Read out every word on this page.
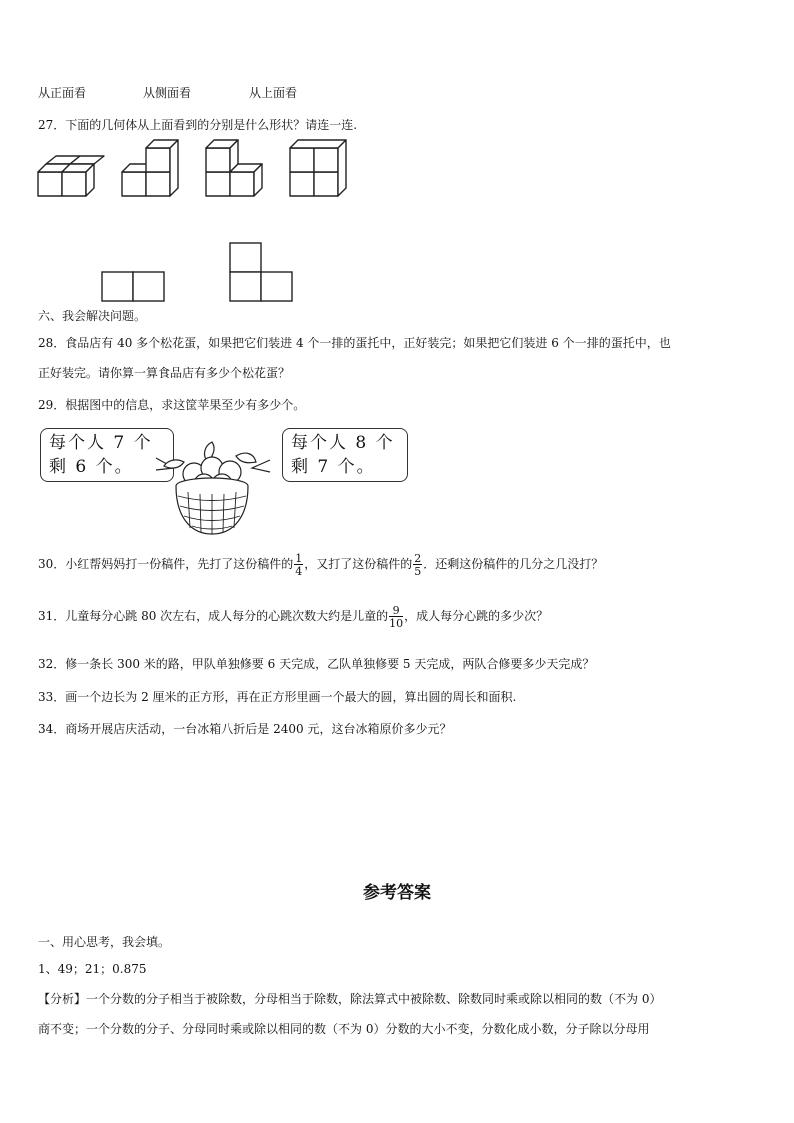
从正面看	从侧面看	从上面看
27．下面的几何体从上面看到的分别是什么形状？请连一连.
六、我会解决问题。
28．食品店有 40 多个松花蛋，如果把它们装进 4 个一排的蛋托中，正好装完；如果把它们装进 6 个一排的蛋托中，也
正好装完。请你算一算食品店有多少个松花蛋？
29．根据图中的信息，求这筐苹果至少有多少个。
每个人 7 个
剩 6 个。
每个人 8 个
剩 7 个。
30．小红帮妈妈打一份稿件，先打了这份稿件的 $\frac{1}{4}$ ，又打了这份稿件的 $\frac{2}{5}$ ．还剩这份稿件的几分之几没打？
31．儿童每分心跳 80 次左右，成人每分的心跳次数大约是儿童的 $\frac{9}{10}$ ，成人每分心跳的多少次？
32．修一条长 300 米的路，甲队单独修要 6 天完成，乙队单独修要 5 天完成，两队合修要多少天完成？
33．画一个边长为 2 厘米的正方形，再在正方形里画一个最大的圆，算出圆的周长和面积.
34．商场开展店庆活动，一台冰箱八折后是 2400 元，这台冰箱原价多少元？
参考答案
一、用心思考，我会填。
1、49；21；0.875
【分析】一个分数的分子相当于被除数，分母相当于除数，除法算式中被除数、除数同时乘或除以相同的数（不为 0）
商不变；一个分数的分子、分母同时乘或除以相同的数（不为 0）分数的大小不变，分数化成小数，分子除以分母用
